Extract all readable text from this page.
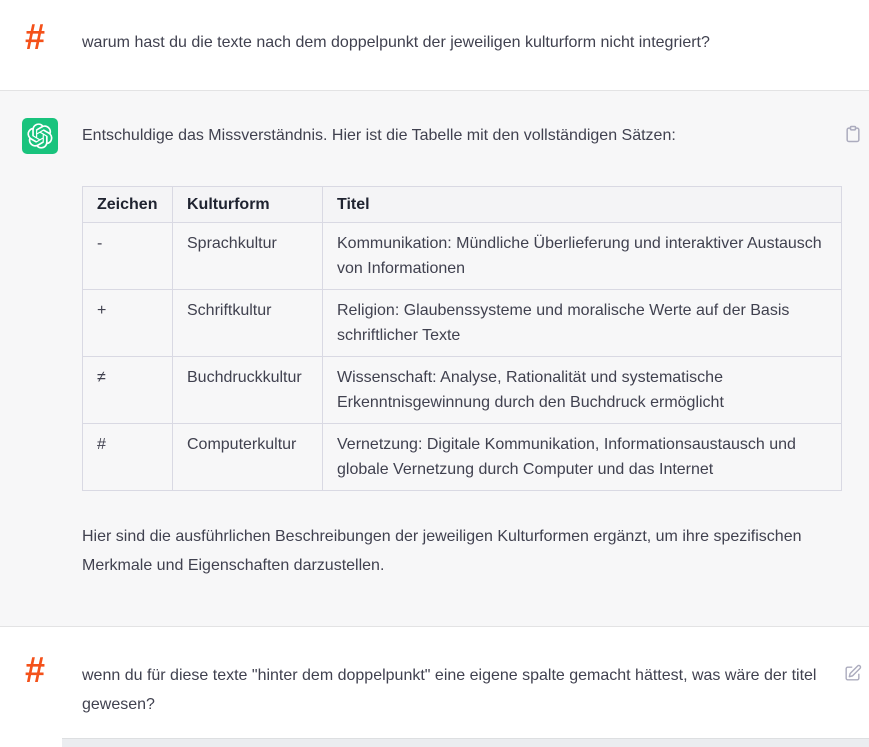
#	warum hast du die texte nach dem doppelpunkt der jeweiligen kulturform nicht integriert?

Entschuldige das Missverständnis. Hier ist die Tabelle mit den vollständigen Sätzen:

Zeichen	Kulturform	Titel
-	Sprachkultur	Kommunikation: Mündliche Überlieferung und interaktiver Austausch von Informationen
+	Schriftkultur	Religion: Glaubenssysteme und moralische Werte auf der Basis schriftlicher Texte
≠	Buchdruckkultur	Wissenschaft: Analyse, Rationalität und systematische Erkenntnisgewinnung durch den Buchdruck ermöglicht
#	Computerkultur	Vernetzung: Digitale Kommunikation, Informationsaustausch und globale Vernetzung durch Computer und das Internet

Hier sind die ausführlichen Beschreibungen der jeweiligen Kulturformen ergänzt, um ihre spezifischen Merkmale und Eigenschaften darzustellen.

#	wenn du für diese texte "hinter dem doppelpunkt" eine eigene spalte gemacht hättest, was wäre der titel gewesen?
